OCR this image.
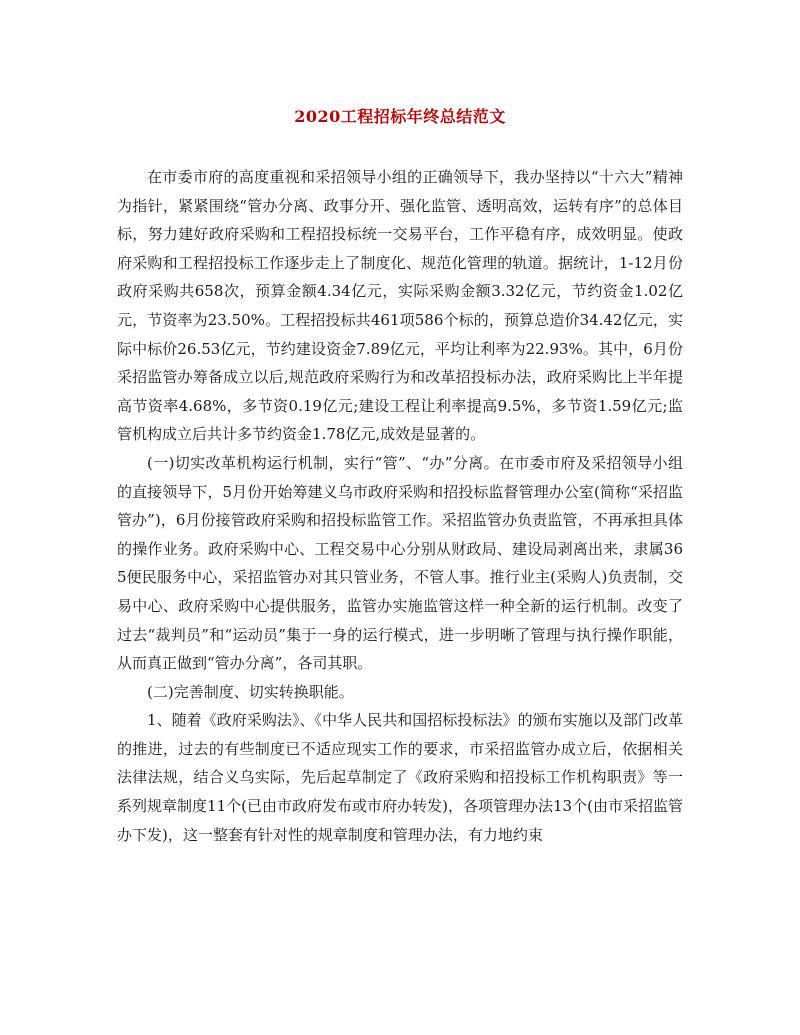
2020工程招标年终总结范文

在市委市府的高度重视和采招领导小组的正确领导下，我办坚持以“十六大”精神为指针，紧紧围绕“管办分离、政事分开、强化监管、透明高效，运转有序”的总体目标，努力建好政府采购和工程招投标统一交易平台，工作平稳有序，成效明显。使政府采购和工程招投标工作逐步走上了制度化、规范化管理的轨道。据统计，1-12月份政府采购共658次，预算金额4.34亿元，实际采购金额3.32亿元，节约资金1.02亿元，节资率为23.50%。工程招投标共461项586个标的，预算总造价34.42亿元，实际中标价26.53亿元，节约建设资金7.89亿元，平均让利率为22.93%。其中，6月份采招监管办筹备成立以后,规范政府采购行为和改革招投标办法，政府采购比上半年提高节资率4.68%，多节资0.19亿元;建设工程让利率提高9.5%，多节资1.59亿元;监管机构成立后共计多节约资金1.78亿元,成效是显著的。

(一)切实改革机构运行机制，实行“管”、“办”分离。在市委市府及采招领导小组的直接领导下，5月份开始筹建义乌市政府采购和招投标监督管理办公室(简称“采招监管办”)，6月份接管政府采购和招投标监管工作。采招监管办负责监管，不再承担具体的操作业务。政府采购中心、工程交易中心分别从财政局、建设局剥离出来，隶属365便民服务中心，采招监管办对其只管业务，不管人事。推行业主(采购人)负责制，交易中心、政府采购中心提供服务，监管办实施监管这样一种全新的运行机制。改变了过去“裁判员”和“运动员”集于一身的运行模式，进一步明晰了管理与执行操作职能，从而真正做到“管办分离”，各司其职。

(二)完善制度、切实转换职能。

1、随着《政府采购法》、《中华人民共和国招标投标法》的颁布实施以及部门改革的推进，过去的有些制度已不适应现实工作的要求，市采招监管办成立后，依据相关法律法规，结合义乌实际，先后起草制定了《政府采购和招投标工作机构职责》等一系列规章制度11个(已由市政府发布或市府办转发)，各项管理办法13个(由市采招监管办下发)，这一整套有针对性的规章制度和管理办法，有力地约束
